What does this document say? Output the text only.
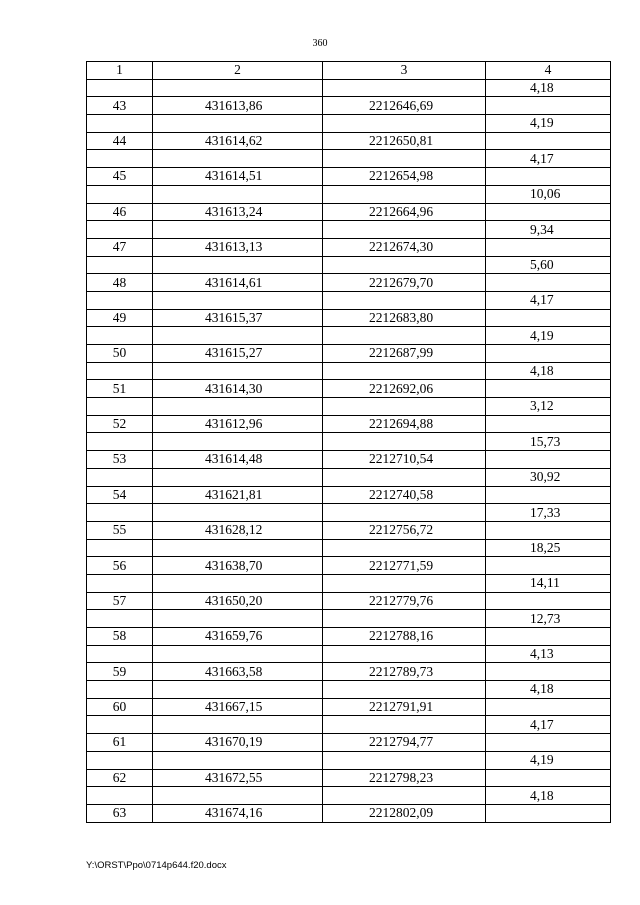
360
1	2	3	4
			4,18
43	431613,86	2212646,69	
			4,19
44	431614,62	2212650,81	
			4,17
45	431614,51	2212654,98	
			10,06
46	431613,24	2212664,96	
			9,34
47	431613,13	2212674,30	
			5,60
48	431614,61	2212679,70	
			4,17
49	431615,37	2212683,80	
			4,19
50	431615,27	2212687,99	
			4,18
51	431614,30	2212692,06	
			3,12
52	431612,96	2212694,88	
			15,73
53	431614,48	2212710,54	
			30,92
54	431621,81	2212740,58	
			17,33
55	431628,12	2212756,72	
			18,25
56	431638,70	2212771,59	
			14,11
57	431650,20	2212779,76	
			12,73
58	431659,76	2212788,16	
			4,13
59	431663,58	2212789,73	
			4,18
60	431667,15	2212791,91	
			4,17
61	431670,19	2212794,77	
			4,19
62	431672,55	2212798,23	
			4,18
63	431674,16	2212802,09	
Y:\ORST\Ppo\0714p644.f20.docx
